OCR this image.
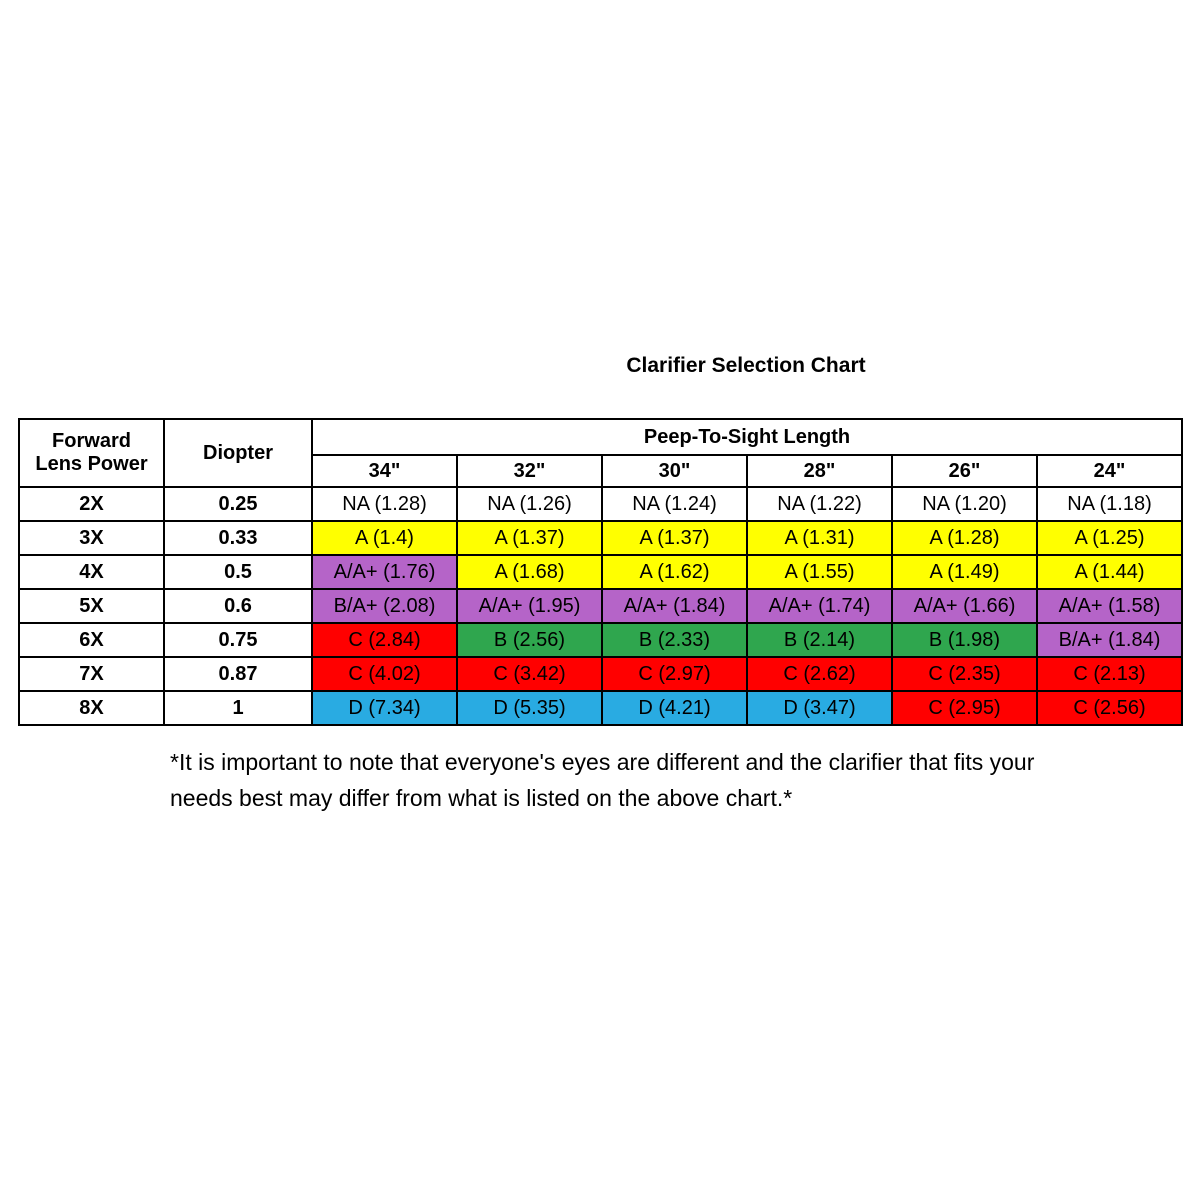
Clarifier Selection Chart
Forward
Lens Power	Diopter	Peep-To-Sight Length					
		34"	32"	30"	28"	26"	24"
2X	0.25	NA (1.28)	NA (1.26)	NA (1.24)	NA (1.22)	NA (1.20)	NA (1.18)
3X	0.33	A (1.4)	A (1.37)	A (1.37)	A (1.31)	A (1.28)	A (1.25)
4X	0.5	A/A+ (1.76)	A (1.68)	A (1.62)	A (1.55)	A (1.49)	A (1.44)
5X	0.6	B/A+ (2.08)	A/A+ (1.95)	A/A+ (1.84)	A/A+ (1.74)	A/A+ (1.66)	A/A+ (1.58)
6X	0.75	C (2.84)	B (2.56)	B (2.33)	B (2.14)	B (1.98)	B/A+ (1.84)
7X	0.87	C (4.02)	C (3.42)	C (2.97)	C (2.62)	C (2.35)	C (2.13)
8X	1	D (7.34)	D (5.35)	D (4.21)	D (3.47)	C (2.95)	C (2.56)
*It is important to note that everyone's eyes are different and the clarifier that fits your
needs best may differ from what is listed on the above chart.*
